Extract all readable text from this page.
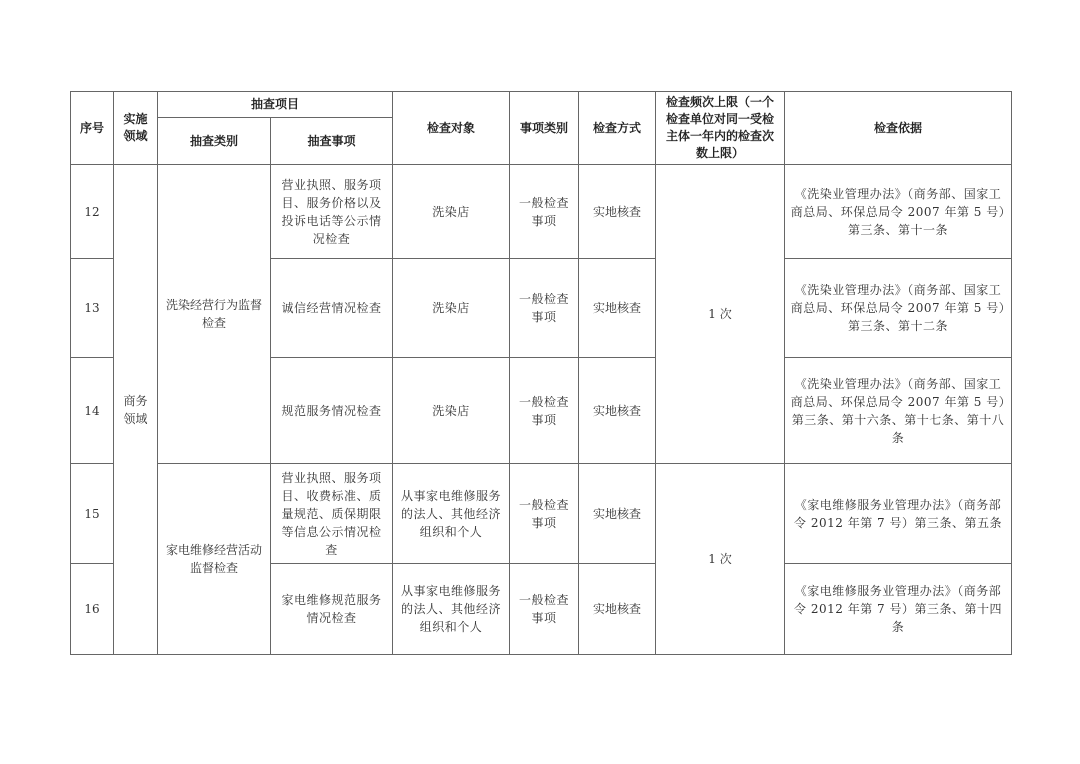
序号	实施领域	抽查项目		检查对象	事项类别	检查方式	检查频次上限（一个检查单位对同一受检主体一年内的检查次数上限）	检查依据
		抽查类别	抽查事项					
12	商务领域	洗染经营行为监督检查	营业执照、服务项目、服务价格以及投诉电话等公示情况检查	洗染店	一般检查事项	实地核查	1 次	《洗染业管理办法》（商务部、国家工商总局、环保总局令 2007 年第 5 号）第三条、第十一条
13			诚信经营情况检查	洗染店	一般检查事项	实地核查		《洗染业管理办法》（商务部、国家工商总局、环保总局令 2007 年第 5 号）第三条、第十二条
14			规范服务情况检查	洗染店	一般检查事项	实地核查		《洗染业管理办法》（商务部、国家工商总局、环保总局令 2007 年第 5 号）第三条、第十六条、第十七条、第十八条
15		家电维修经营活动监督检查	营业执照、服务项目、收费标准、质量规范、质保期限等信息公示情况检查	从事家电维修服务的法人、其他经济组织和个人	一般检查事项	实地核查	1 次	《家电维修服务业管理办法》（商务部令 2012 年第 7 号）第三条、第五条
16			家电维修规范服务情况检查	从事家电维修服务的法人、其他经济组织和个人	一般检查事项	实地核查		《家电维修服务业管理办法》（商务部令 2012 年第 7 号）第三条、第十四条
